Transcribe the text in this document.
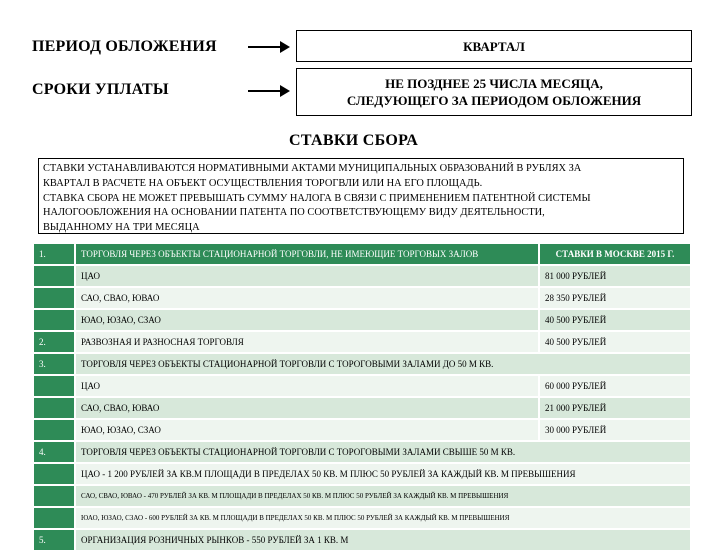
ПЕРИОД ОБЛОЖЕНИЯ	КВАРТАЛ
СРОКИ УПЛАТЫ	НЕ ПОЗДНЕЕ 25 ЧИСЛА МЕСЯЦА,
СЛЕДУЮЩЕГО ЗА ПЕРИОДОМ ОБЛОЖЕНИЯ
СТАВКИ СБОРА
СТАВКИ УСТАНАВЛИВАЮТСЯ НОРМАТИВНЫМИ АКТАМИ МУНИЦИПАЛЬНЫХ ОБРАЗОВАНИЙ В РУБЛЯХ ЗА
КВАРТАЛ В РАСЧЕТЕ НА ОБЪЕКТ ОСУЩЕСТВЛЕНИЯ ТОРОГВЛИ ИЛИ НА ЕГО ПЛОЩАДЬ.
СТАВКА СБОРА НЕ МОЖЕТ ПРЕВЫШАТЬ СУММУ НАЛОГА В СВЯЗИ С ПРИМЕНЕНИЕМ ПАТЕНТНОЙ СИСТЕМЫ
НАЛОГООБЛОЖЕНИЯ НА ОСНОВАНИИ ПАТЕНТА ПО СООТВЕТСТВУЮЩЕМУ ВИДУ ДЕЯТЕЛЬНОСТИ,
ВЫДАННОМУ НА ТРИ МЕСЯЦА
1.	ТОРГОВЛЯ ЧЕРЕЗ ОБЪЕКТЫ СТАЦИОНАРНОЙ ТОРГОВЛИ, НЕ ИМЕЮЩИЕ ТОРГОВЫХ ЗАЛОВ	СТАВКИ В МОСКВЕ 2015 Г.
ЦАО	81 000 РУБЛЕЙ
САО, СВАО, ЮВАО	28 350 РУБЛЕЙ
ЮАО, ЮЗАО, СЗАО	40 500 РУБЛЕЙ
2.	РАЗВОЗНАЯ И РАЗНОСНАЯ ТОРГОВЛЯ	40 500 РУБЛЕЙ
3.	ТОРГОВЛЯ ЧЕРЕЗ ОБЪЕКТЫ СТАЦИОНАРНОЙ ТОРГОВЛИ С ТОРОГОВЫМИ ЗАЛАМИ ДО 50 М КВ.
ЦАО	60 000 РУБЛЕЙ
САО, СВАО, ЮВАО	21 000 РУБЛЕЙ
ЮАО, ЮЗАО, СЗАО	30 000 РУБЛЕЙ
4.	ТОРГОВЛЯ ЧЕРЕЗ ОБЪЕКТЫ СТАЦИОНАРНОЙ ТОРГОВЛИ С ТОРОГОВЫМИ ЗАЛАМИ СВЫШЕ 50 М КВ.
ЦАО - 1 200 РУБЛЕЙ ЗА КВ.М ПЛОЩАДИ В ПРЕДЕЛАХ 50 КВ. М ПЛЮС 50 РУБЛЕЙ ЗА КАЖДЫЙ КВ. М ПРЕВЫШЕНИЯ
САО, СВАО, ЮВАО - 470 РУБЛЕЙ ЗА КВ. М ПЛОЩАДИ В ПРЕДЕЛАХ 50 КВ. М ПЛЮС 50 РУБЛЕЙ ЗА КАЖДЫЙ КВ. М ПРЕВЫШЕНИЯ
ЮАО, ЮЗАО, СЗАО - 600 РУБЛЕЙ ЗА КВ. М ПЛОЩАДИ В ПРЕДЕЛАХ 50 КВ. М ПЛЮС 50 РУБЛЕЙ ЗА КАЖДЫЙ КВ. М ПРЕВЫШЕНИЯ
5.	ОРГАНИЗАЦИЯ РОЗНИЧНЫХ РЫНКОВ - 550 РУБЛЕЙ ЗА 1 КВ. М
